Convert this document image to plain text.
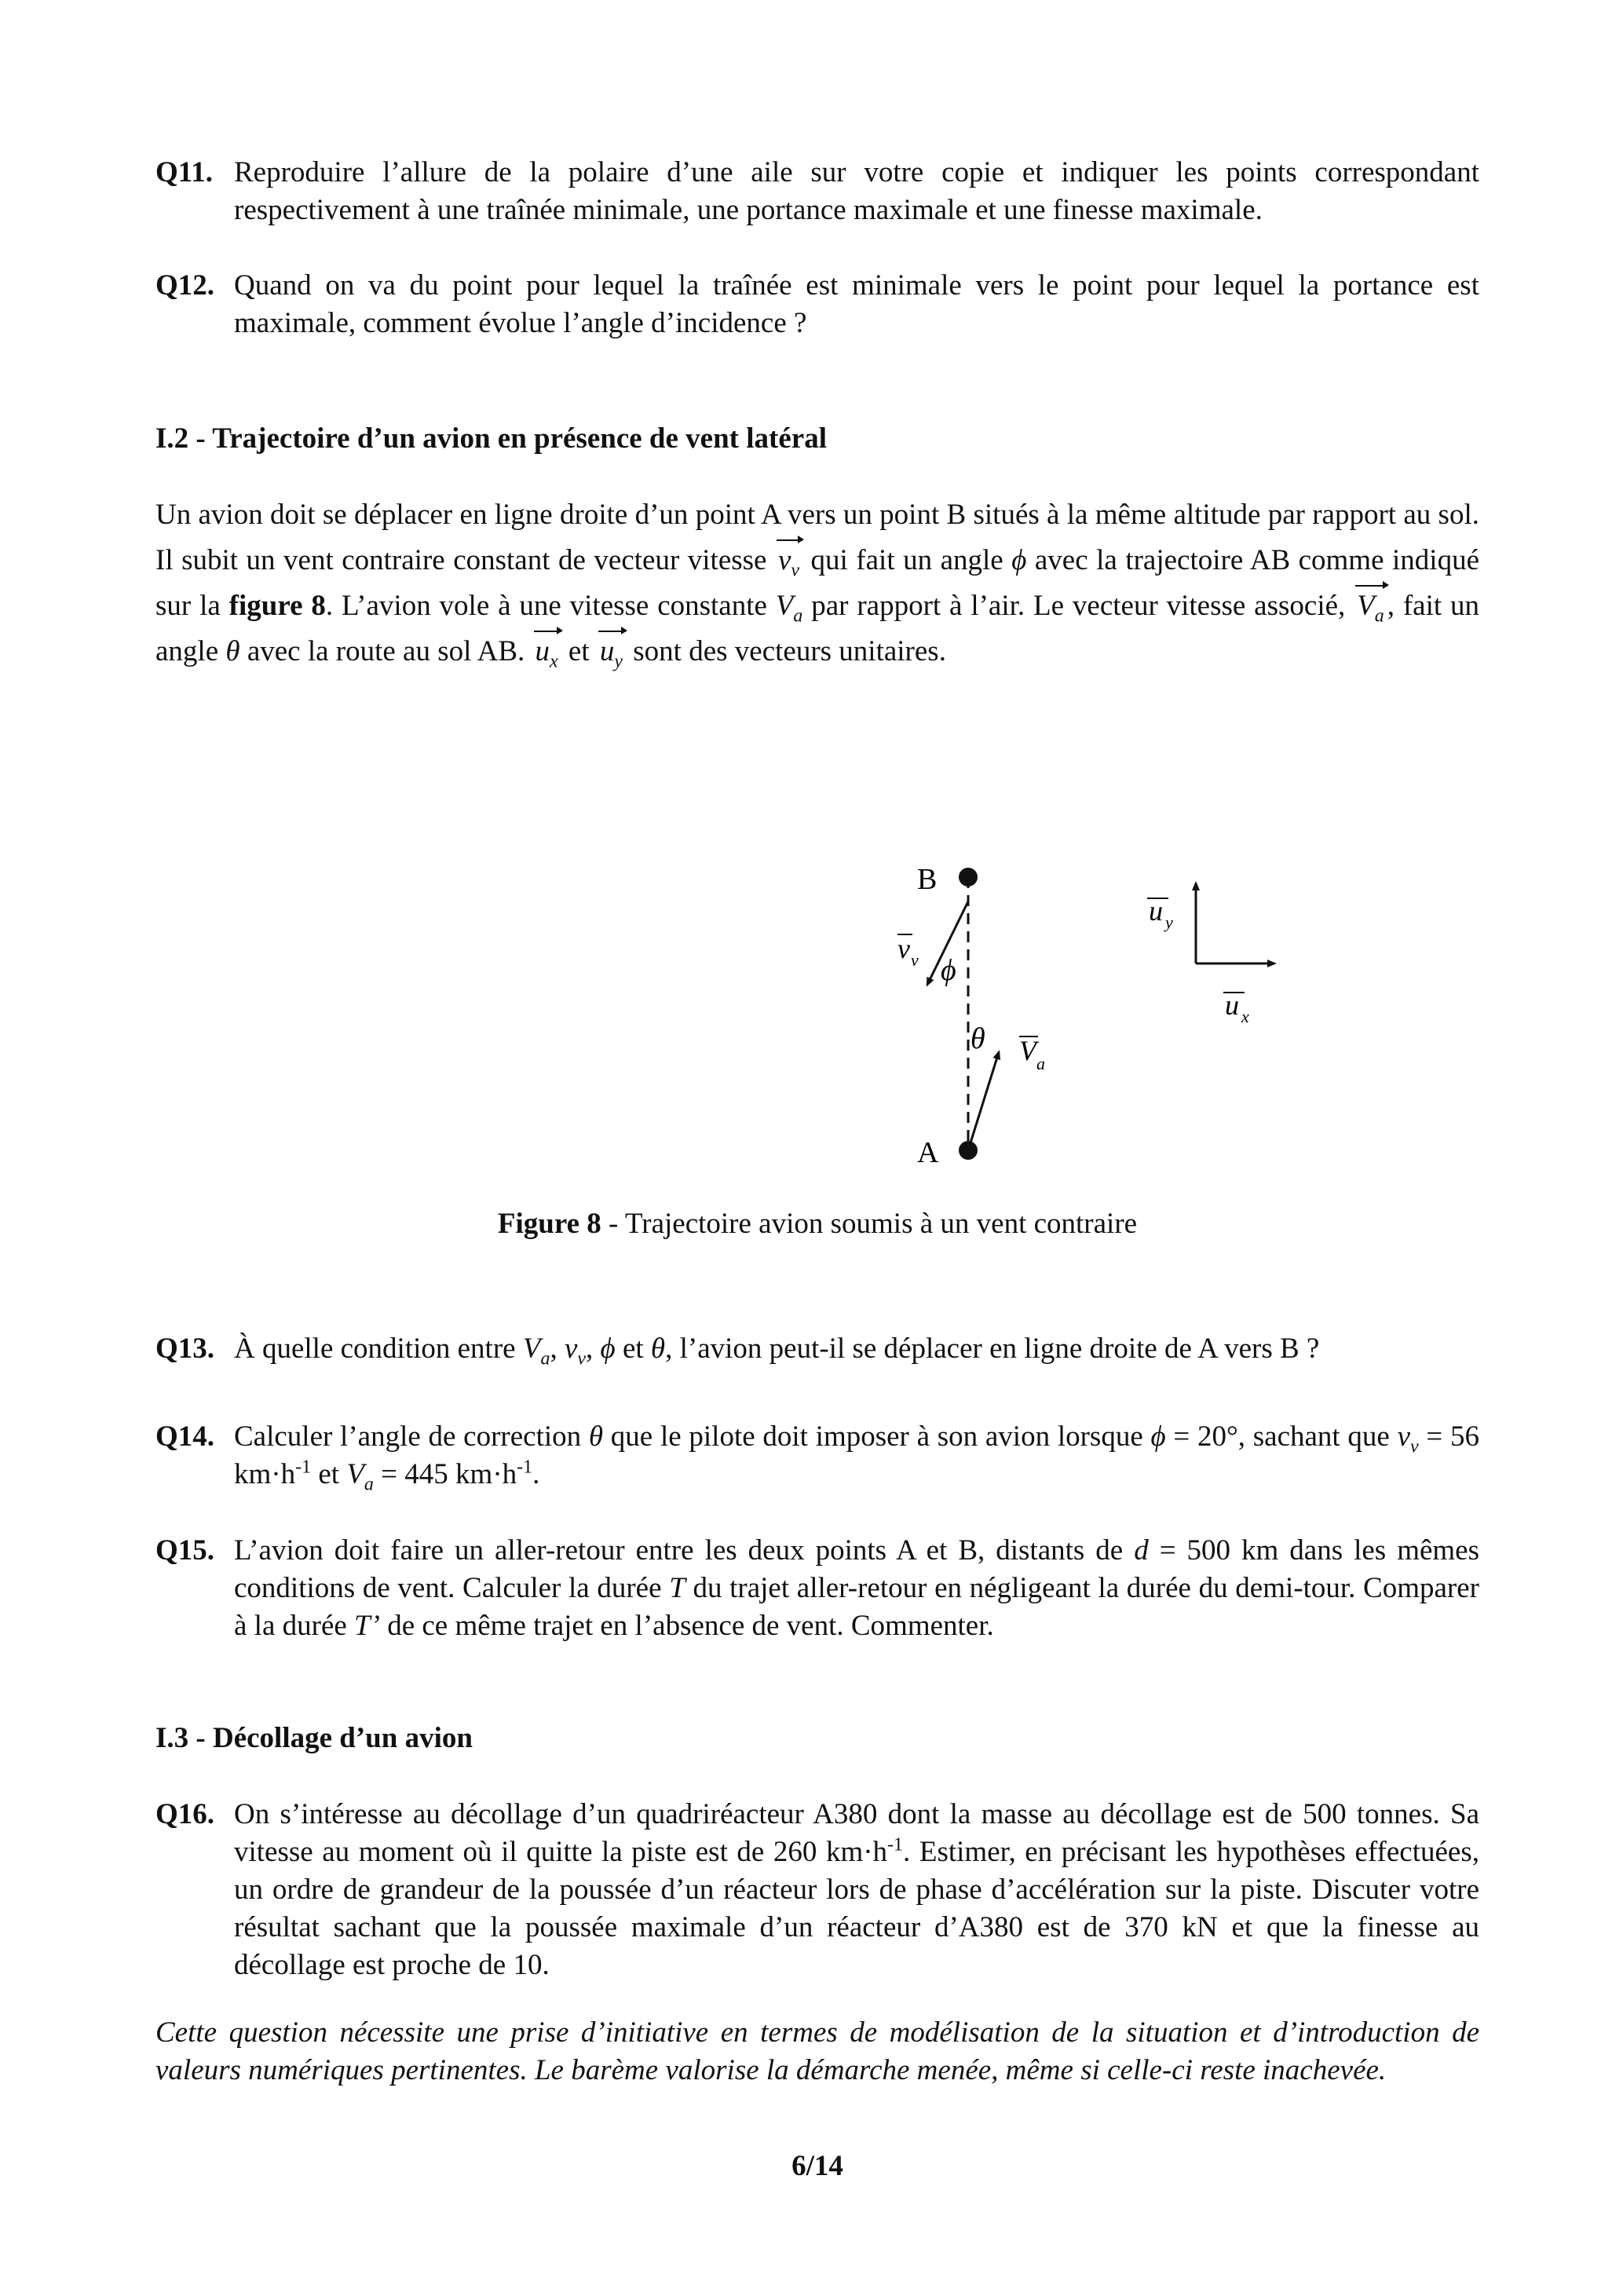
Q11. Reproduire l’allure de la polaire d’une aile sur votre copie et indiquer les points correspondant respectivement à une traînée minimale, une portance maximale et une finesse maximale.
Q12. Quand on va du point pour lequel la traînée est minimale vers le point pour lequel la portance est maximale, comment évolue l’angle d’incidence ?
I.2 - Trajectoire d’un avion en présence de vent latéral
Un avion doit se déplacer en ligne droite d’un point A vers un point B situés à la même altitude par rapport au sol. Il subit un vent contraire constant de vecteur vitesse $v_v$ qui fait un angle ϕ avec la trajectoire AB comme indiqué sur la figure 8. L’avion vole à une vitesse constante $V_a$ par rapport à l’air. Le vecteur vitesse associé, $V_a$ , fait un angle θ avec la route au sol AB. $u_x$ et $u_y$ sont des vecteurs unitaires.
B
A
v v ϕ
θ V a
u y
u x
Figure 8 - Trajectoire avion soumis à un vent contraire
Q13. À quelle condition entre $V_a$, $v_v$, ϕ et θ, l’avion peut-il se déplacer en ligne droite de A vers B ?
Q14. Calculer l’angle de correction θ que le pilote doit imposer à son avion lorsque ϕ = 20°, sachant que $v_v = 56$ $km\cdot h^{-1}$ et $V_a = 445$ $km\cdot h^{-1}$.
Q15. L’avion doit faire un aller-retour entre les deux points A et B, distants de d = 500 km dans les mêmes conditions de vent. Calculer la durée T du trajet aller-retour en négligeant la durée du demi-tour. Comparer à la durée T’ de ce même trajet en l’absence de vent. Commenter.
I.3 - Décollage d’un avion
Q16. On s’intéresse au décollage d’un quadriréacteur A380 dont la masse au décollage est de 500 tonnes. Sa vitesse au moment où il quitte la piste est de 260 $km\cdot h^{-1}$. Estimer, en précisant les hypothèses effectuées, un ordre de grandeur de la poussée d’un réacteur lors de phase d’accélération sur la piste. Discuter votre résultat sachant que la poussée maximale d’un réacteur d’A380 est de 370 kN et que la finesse au décollage est proche de 10.
Cette question nécessite une prise d’initiative en termes de modélisation de la situation et d’introduction de valeurs numériques pertinentes. Le barème valorise la démarche menée, même si celle-ci reste inachevée.
6/14
